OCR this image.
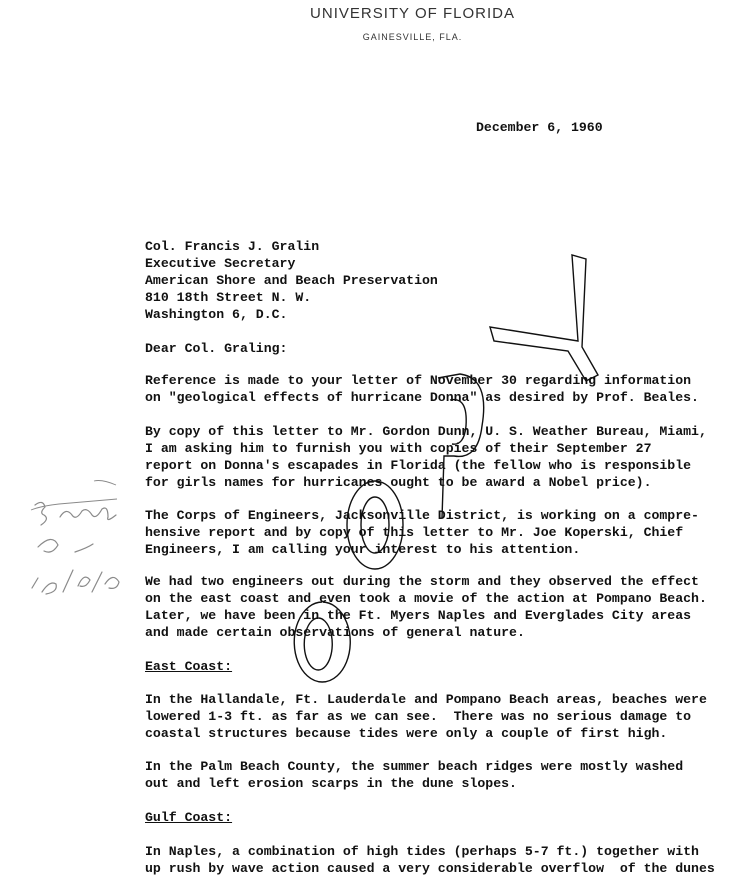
UNIVERSITY OF FLORIDA
GAINESVILLE, FLA.
December 6, 1960
Col. Francis J. Gralin
Executive Secretary
American Shore and Beach Preservation
810 18th Street N. W.
Washington 6, D.C.
Dear Col. Graling:
Reference is made to your letter of November 30 regarding information
on "geological effects of hurricane Donna" as desired by Prof. Beales.
By copy of this letter to Mr. Gordon Dunn, U. S. Weather Bureau, Miami,
I am asking him to furnish you with copies of their September 27
report on Donna's escapades in Florida (the fellow who is responsible
for girls names for hurricanes ought to be award a Nobel price).
The Corps of Engineers, Jacksonville District, is working on a compre-
hensive report and by copy of this letter to Mr. Joe Koperski, Chief
Engineers, I am calling your interest to his attention.
We had two engineers out during the storm and they observed the effect
on the east coast and even took a movie of the action at Pompano Beach.
Later, we have been in the Ft. Myers Naples and Everglades City areas
and made certain observations of general nature.
East Coast:
In the Hallandale, Ft. Lauderdale and Pompano Beach areas, beaches were
lowered 1-3 ft. as far as we can see.  There was no serious damage to
coastal structures because tides were only a couple of first high.
In the Palm Beach County, the summer beach ridges were mostly washed
out and left erosion scarps in the dune slopes.
Gulf Coast:
In Naples, a combination of high tides (perhaps 5-7 ft.) together with
up rush by wave action caused a very considerable overflow  of the dunes
